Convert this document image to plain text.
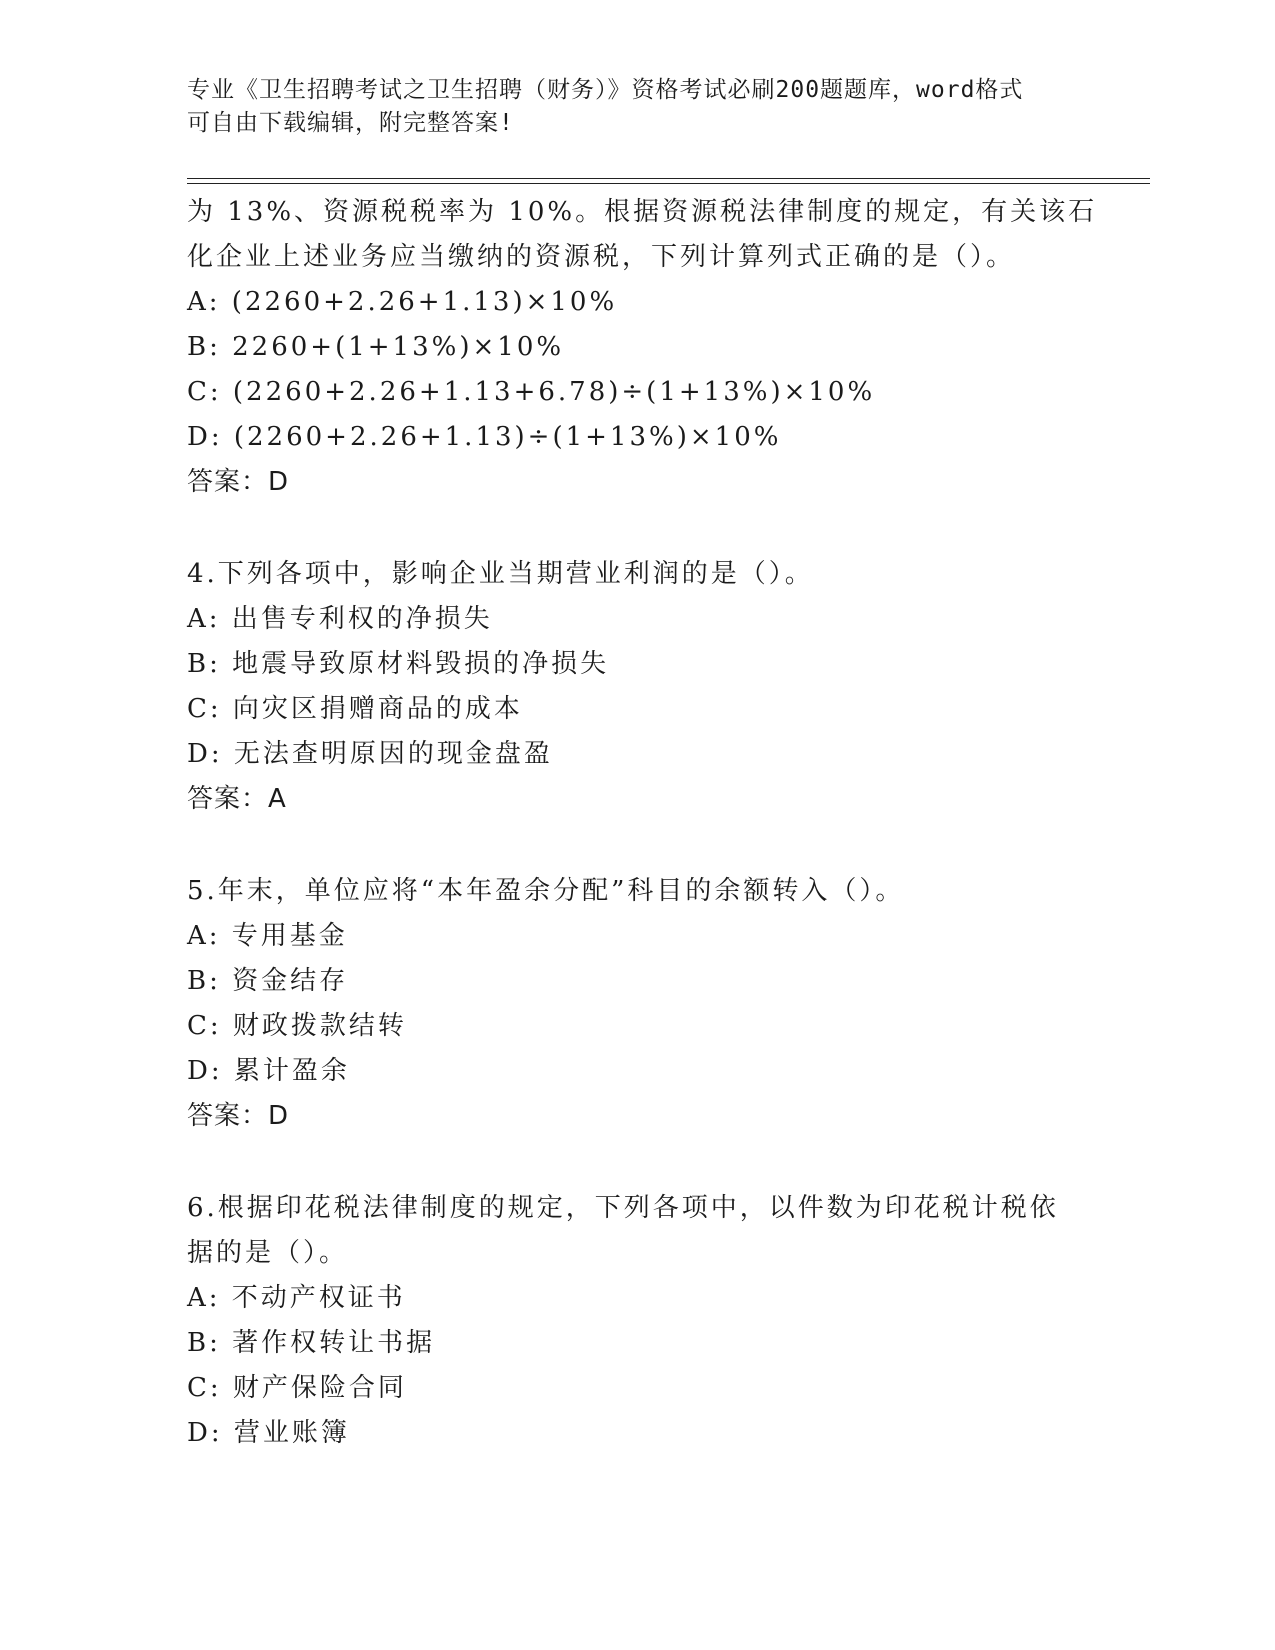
专业《卫生招聘考试之卫生招聘（财务）》资格考试必刷200题题库，word格式
可自由下载编辑，附完整答案!
为 13%、资源税税率为 10%。根据资源税法律制度的规定，有关该石
化企业上述业务应当缴纳的资源税，下列计算列式正确的是（）。
A: (2260+2.26+1.13)×10%
B: 2260+(1+13%)×10%
C: (2260+2.26+1.13+6.78)÷(1+13%)×10%
D: (2260+2.26+1.13)÷(1+13%)×10%
答案：D
4.下列各项中，影响企业当期营业利润的是（）。
A: 出售专利权的净损失
B: 地震导致原材料毁损的净损失
C: 向灾区捐赠商品的成本
D: 无法查明原因的现金盘盈
答案：A
5.年末，单位应将“本年盈余分配”科目的余额转入（）。
A: 专用基金
B: 资金结存
C: 财政拨款结转
D: 累计盈余
答案：D
6.根据印花税法律制度的规定，下列各项中，以件数为印花税计税依
据的是（）。
A: 不动产权证书
B: 著作权转让书据
C: 财产保险合同
D: 营业账簿
